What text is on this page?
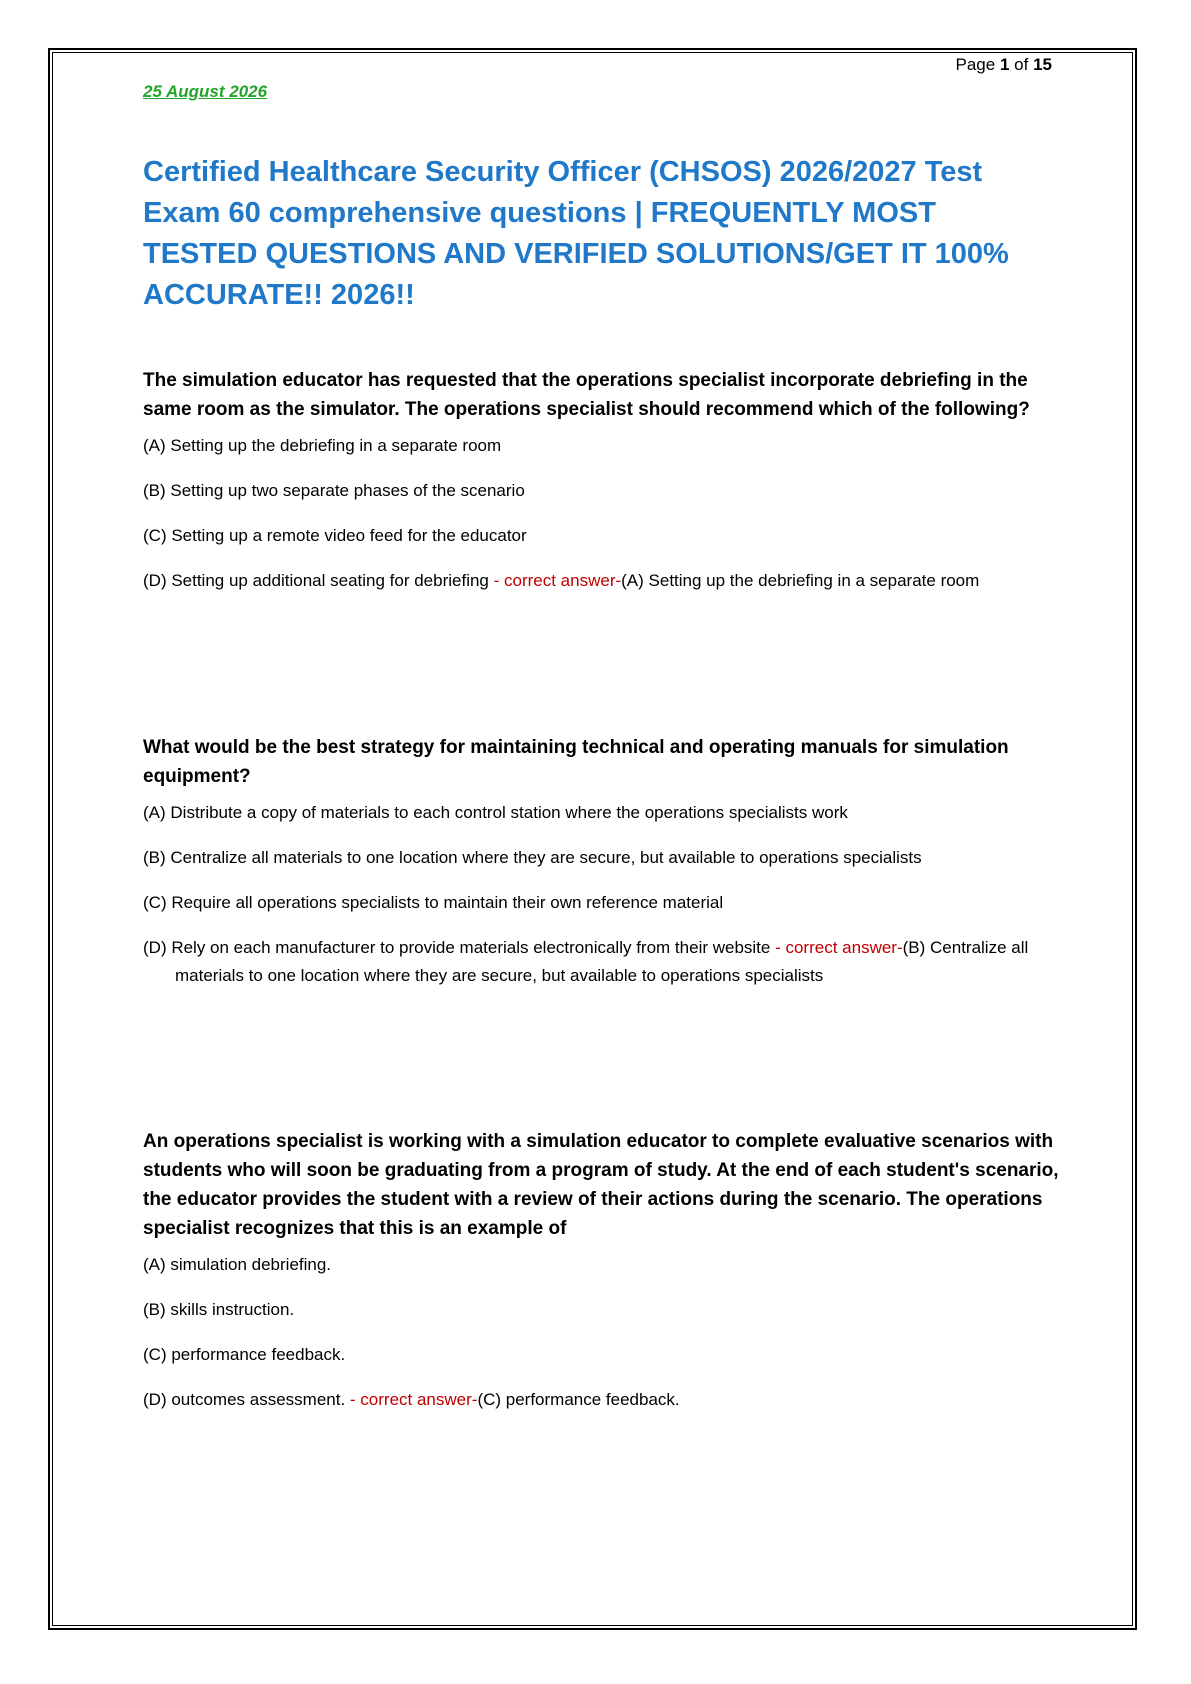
Page 1 of 15
25 August 2026
Certified Healthcare Security Officer (CHSOS) 2026/2027 Test Exam 60 comprehensive questions | FREQUENTLY MOST TESTED QUESTIONS AND VERIFIED SOLUTIONS/GET IT 100% ACCURATE!! 2026!!

The simulation educator has requested that the operations specialist incorporate debriefing in the same room as the simulator. The operations specialist should recommend which of the following?

(A) Setting up the debriefing in a separate room

(B) Setting up two separate phases of the scenario

(C) Setting up a remote video feed for the educator

(D) Setting up additional seating for debriefing - correct answer-(A) Setting up the debriefing in a separate room

What would be the best strategy for maintaining technical and operating manuals for simulation equipment?

(A) Distribute a copy of materials to each control station where the operations specialists work

(B) Centralize all materials to one location where they are secure, but available to operations specialists

(C) Require all operations specialists to maintain their own reference material

(D) Rely on each manufacturer to provide materials electronically from their website - correct answer-(B) Centralize all materials to one location where they are secure, but available to operations specialists

An operations specialist is working with a simulation educator to complete evaluative scenarios with students who will soon be graduating from a program of study. At the end of each student's scenario, the educator provides the student with a review of their actions during the scenario. The operations specialist recognizes that this is an example of

(A) simulation debriefing.

(B) skills instruction.

(C) performance feedback.

(D) outcomes assessment. - correct answer-(C) performance feedback.
